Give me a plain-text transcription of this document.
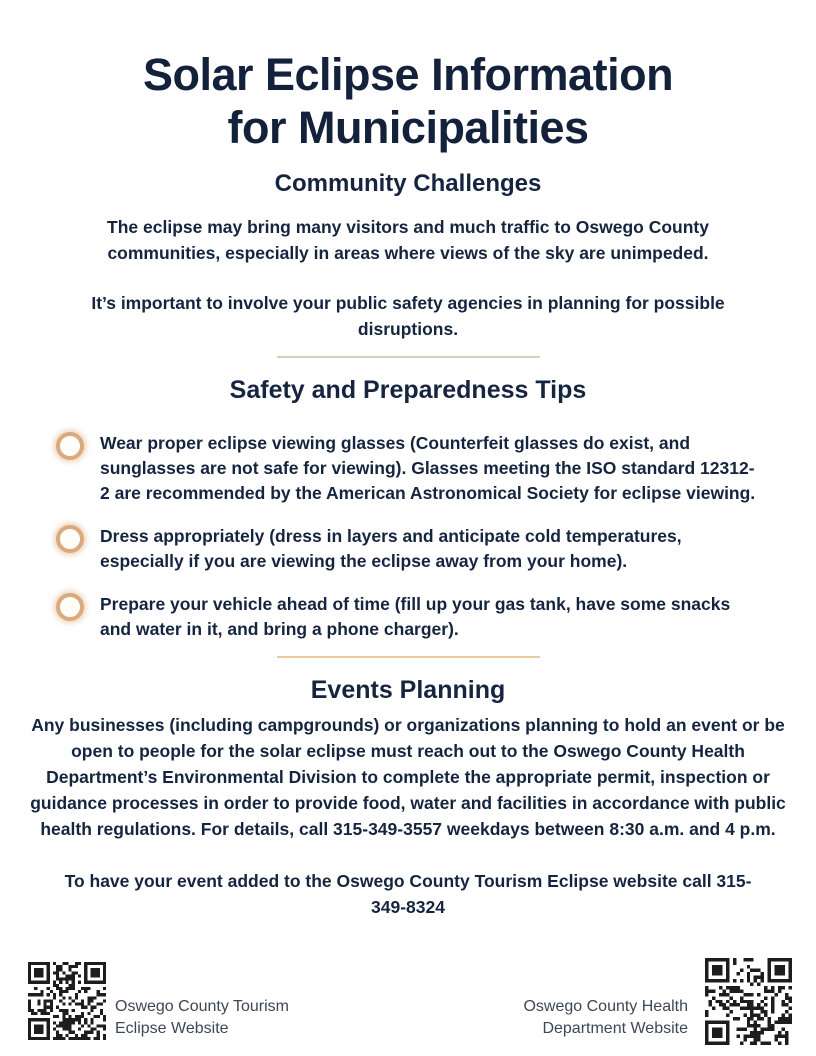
Solar Eclipse Information
for Municipalities
Community Challenges

The eclipse may bring many visitors and much traffic to Oswego County communities, especially in areas where views of the sky are unimpeded.

It’s important to involve your public safety agencies in planning for possible disruptions.

Safety and Preparedness Tips
Wear proper eclipse viewing glasses (Counterfeit glasses do exist, and sunglasses are not safe for viewing). Glasses meeting the ISO standard 12312-2 are recommended by the American Astronomical Society for eclipse viewing.
Dress appropriately (dress in layers and anticipate cold temperatures, especially if you are viewing the eclipse away from your home).
Prepare your vehicle ahead of time (fill up your gas tank, have some snacks and water in it, and bring a phone charger).
Events Planning

Any businesses (including campgrounds) or organizations planning to hold an event or be open to people for the solar eclipse must reach out to the Oswego County Health Department’s Environmental Division to complete the appropriate permit, inspection or guidance processes in order to provide food, water and facilities in accordance with public health regulations. For details, call 315-349-3557 weekdays between 8:30 a.m. and 4 p.m.

To have your event added to the Oswego County Tourism Eclipse website call 315-349-8324

Oswego County Tourism
Eclipse Website
Oswego County Health
Department Website
